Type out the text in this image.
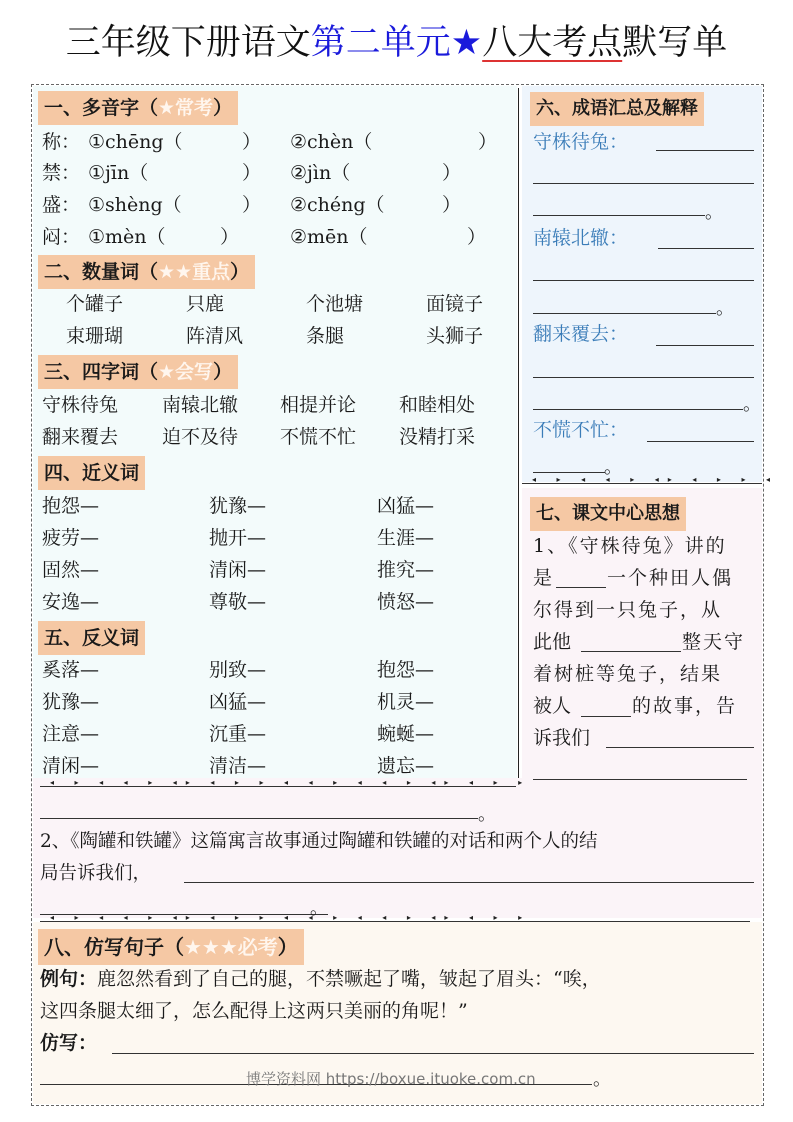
三年级下册语文第二单元★八大考点默写单
◂ ▸ ◂ ◂ ▸ ◂▸ ◂ ▸ ▸ ◂ ◂ ▸ ◂ ◂ ▸ ◂▸ ◂ ▸ ▸
◂ ▸ ◂ ◂ ▸ ◂▸ ◂ ▸ ▸ ◂ ◂ ▸ ◂ ◂ ▸ ◂▸ ◂ ▸ ▸
◂ ▸ ◂ ◂ ▸ ◂▸ ◂ ▸ ▸ ◂ ◂ ▸ ◂ ◂ ▸ ◂▸ ◂ ▸ ▸
一、多音字（★常考）
称： ①chēng（	） ②chèn（	）
禁： ①jīn（	） ②jìn（	）
盛： ①shèng（	） ②chéng（	）
闷： ①mèn（	）	②mēn（	）
二、数量词（★★重点）
个罐子	只鹿	个池塘	面镜子
束珊瑚	阵清风	条腿	头狮子
三、四字词（★会写）
守株待兔 南辕北辙 相提并论 和睦相处
翻来覆去 迫不及待 不慌不忙 没精打采
四、近义词
抱怨—	犹豫—	凶猛—
疲劳—	抛开—	生涯—
固然—	清闲—	推究—
安逸—	尊敬—	愤怒—
五、反义词
奚落—	别致—	抱怨—
犹豫—	凶猛—	机灵—
注意—	沉重—	蜿蜒—
清闲—	清洁—	遗忘—
六、成语汇总及解释
守株待兔：
。
南辕北辙：
。
翻来覆去：
。
不慌不忙：
。
七、课文中心思想
1、《守株待兔》讲的
是	一个种田人偶
尔得到一只兔子，从
此他	整天守
着树桩等兔子，结果
被人	的故事，告
诉我们
。
2、《陶罐和铁罐》这篇寓言故事通过陶罐和铁罐的对话和两个人的结
局告诉我们，
。
八、仿写句子（★★★必考）
例句：鹿忽然看到了自己的腿，不禁噘起了嘴，皱起了眉头：“唉，
这四条腿太细了，怎么配得上这两只美丽的角呢！”
仿写：
。
博学资料网 https://boxue.ituoke.com.cn
